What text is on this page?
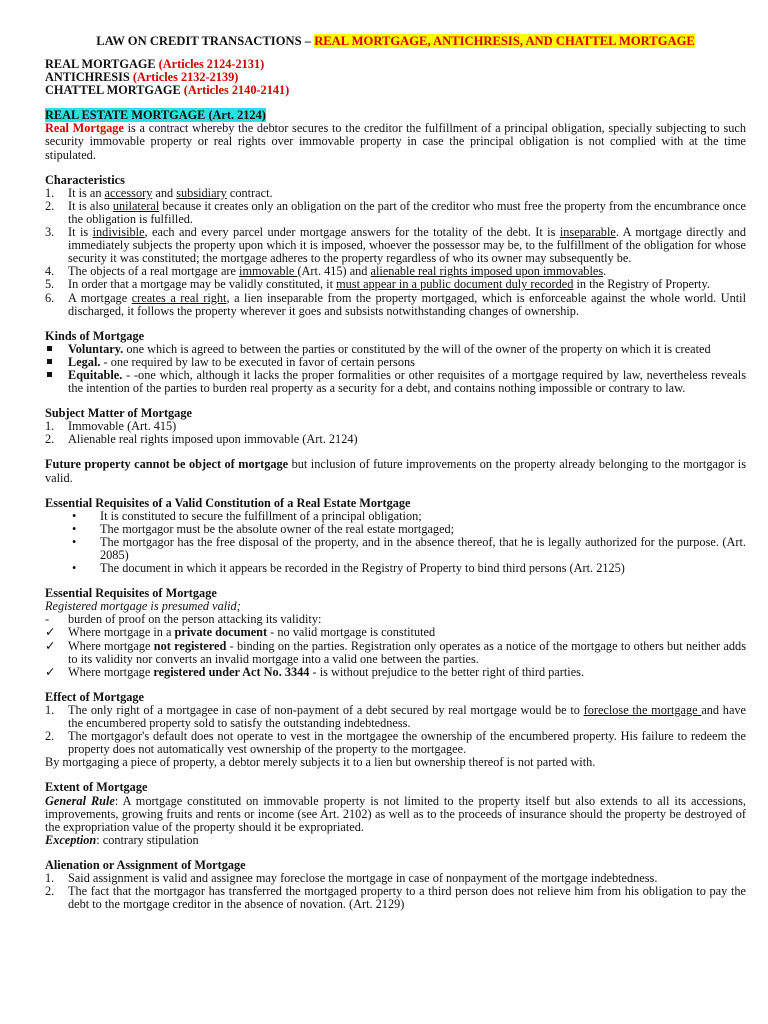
LAW ON CREDIT TRANSACTIONS – REAL MORTGAGE, ANTICHRESIS, AND CHATTEL MORTGAGE

REAL MORTGAGE (Articles 2124-2131)

ANTICHRESIS (Articles 2132-2139)

CHATTEL MORTGAGE (Articles 2140-2141)

REAL ESTATE MORTGAGE (Art. 2124)

Real Mortgage is a contract whereby the debtor secures to the creditor the fulfillment of a principal obligation, specially subjecting to such security immovable property or real rights over immovable property in case the principal obligation is not complied with at the time stipulated.

Characteristics

1.	It is an accessory and subsidiary contract.
2.	It is also unilateral because it creates only an obligation on the part of the creditor who must free the property from the encumbrance once the obligation is fulfilled.
3.	It is indivisible, each and every parcel under mortgage answers for the totality of the debt. It is inseparable. A mortgage directly and immediately subjects the property upon which it is imposed, whoever the possessor may be, to the fulfillment of the obligation for whose security it was constituted; the mortgage adheres to the property regardless of who its owner may subsequently be.
4.	The objects of a real mortgage are immovable (Art. 415) and alienable real rights imposed upon immovables.
5.	In order that a mortgage may be validly constituted, it must appear in a public document duly recorded in the Registry of Property.
6.	A mortgage creates a real right, a lien inseparable from the property mortgaged, which is enforceable against the whole world. Until discharged, it follows the property wherever it goes and subsists notwithstanding changes of ownership.

Kinds of Mortgage

Voluntary. one which is agreed to between the parties or constituted by the will of the owner of the property on which it is created
Legal. - one required by law to be executed in favor of certain persons
Equitable. - -one which, although it lacks the proper formalities or other requisites of a mortgage required by law, nevertheless reveals the intention of the parties to burden real property as a security for a debt, and contains nothing impossible or contrary to law.

Subject Matter of Mortgage

1.	Immovable (Art. 415)
2.	Alienable real rights imposed upon immovable (Art. 2124)

Future property cannot be object of mortgage but inclusion of future improvements on the property already belonging to the mortgagor is valid.

Essential Requisites of a Valid Constitution of a Real Estate Mortgage

• It is constituted to secure the fulfillment of a principal obligation;
• The mortgagor must be the absolute owner of the real estate mortgaged;
• The mortgagor has the free disposal of the property, and in the absence thereof, that he is legally authorized for the purpose. (Art. 2085)
• The document in which it appears be recorded in the Registry of Property to bind third persons (Art. 2125)

Essential Requisites of Mortgage

Registered mortgage is presumed valid;

-	burden of proof on the person attacking its validity:
✓	Where mortgage in a private document - no valid mortgage is constituted
✓	Where mortgage not registered - binding on the parties. Registration only operates as a notice of the mortgage to others but neither adds to its validity nor converts an invalid mortgage into a valid one between the parties.
✓	Where mortgage registered under Act No. 3344 - is without prejudice to the better right of third parties.

Effect of Mortgage

1.	The only right of a mortgagee in case of non-payment of a debt secured by real mortgage would be to foreclose the mortgage and have the encumbered property sold to satisfy the outstanding indebtedness.
2.	The mortgagor's default does not operate to vest in the mortgagee the ownership of the encumbered property. His failure to redeem the property does not automatically vest ownership of the property to the mortgagee.

By mortgaging a piece of property, a debtor merely subjects it to a lien but ownership thereof is not parted with.

Extent of Mortgage

General Rule: A mortgage constituted on immovable property is not limited to the property itself but also extends to all its accessions, improvements, growing fruits and rents or income (see Art. 2102) as well as to the proceeds of insurance should the property be destroyed of the expropriation value of the property should it be expropriated.

Exception: contrary stipulation

Alienation or Assignment of Mortgage

1.	Said assignment is valid and assignee may foreclose the mortgage in case of nonpayment of the mortgage indebtedness.
2.	The fact that the mortgagor has transferred the mortgaged property to a third person does not relieve him from his obligation to pay the debt to the mortgage creditor in the absence of novation. (Art. 2129)
